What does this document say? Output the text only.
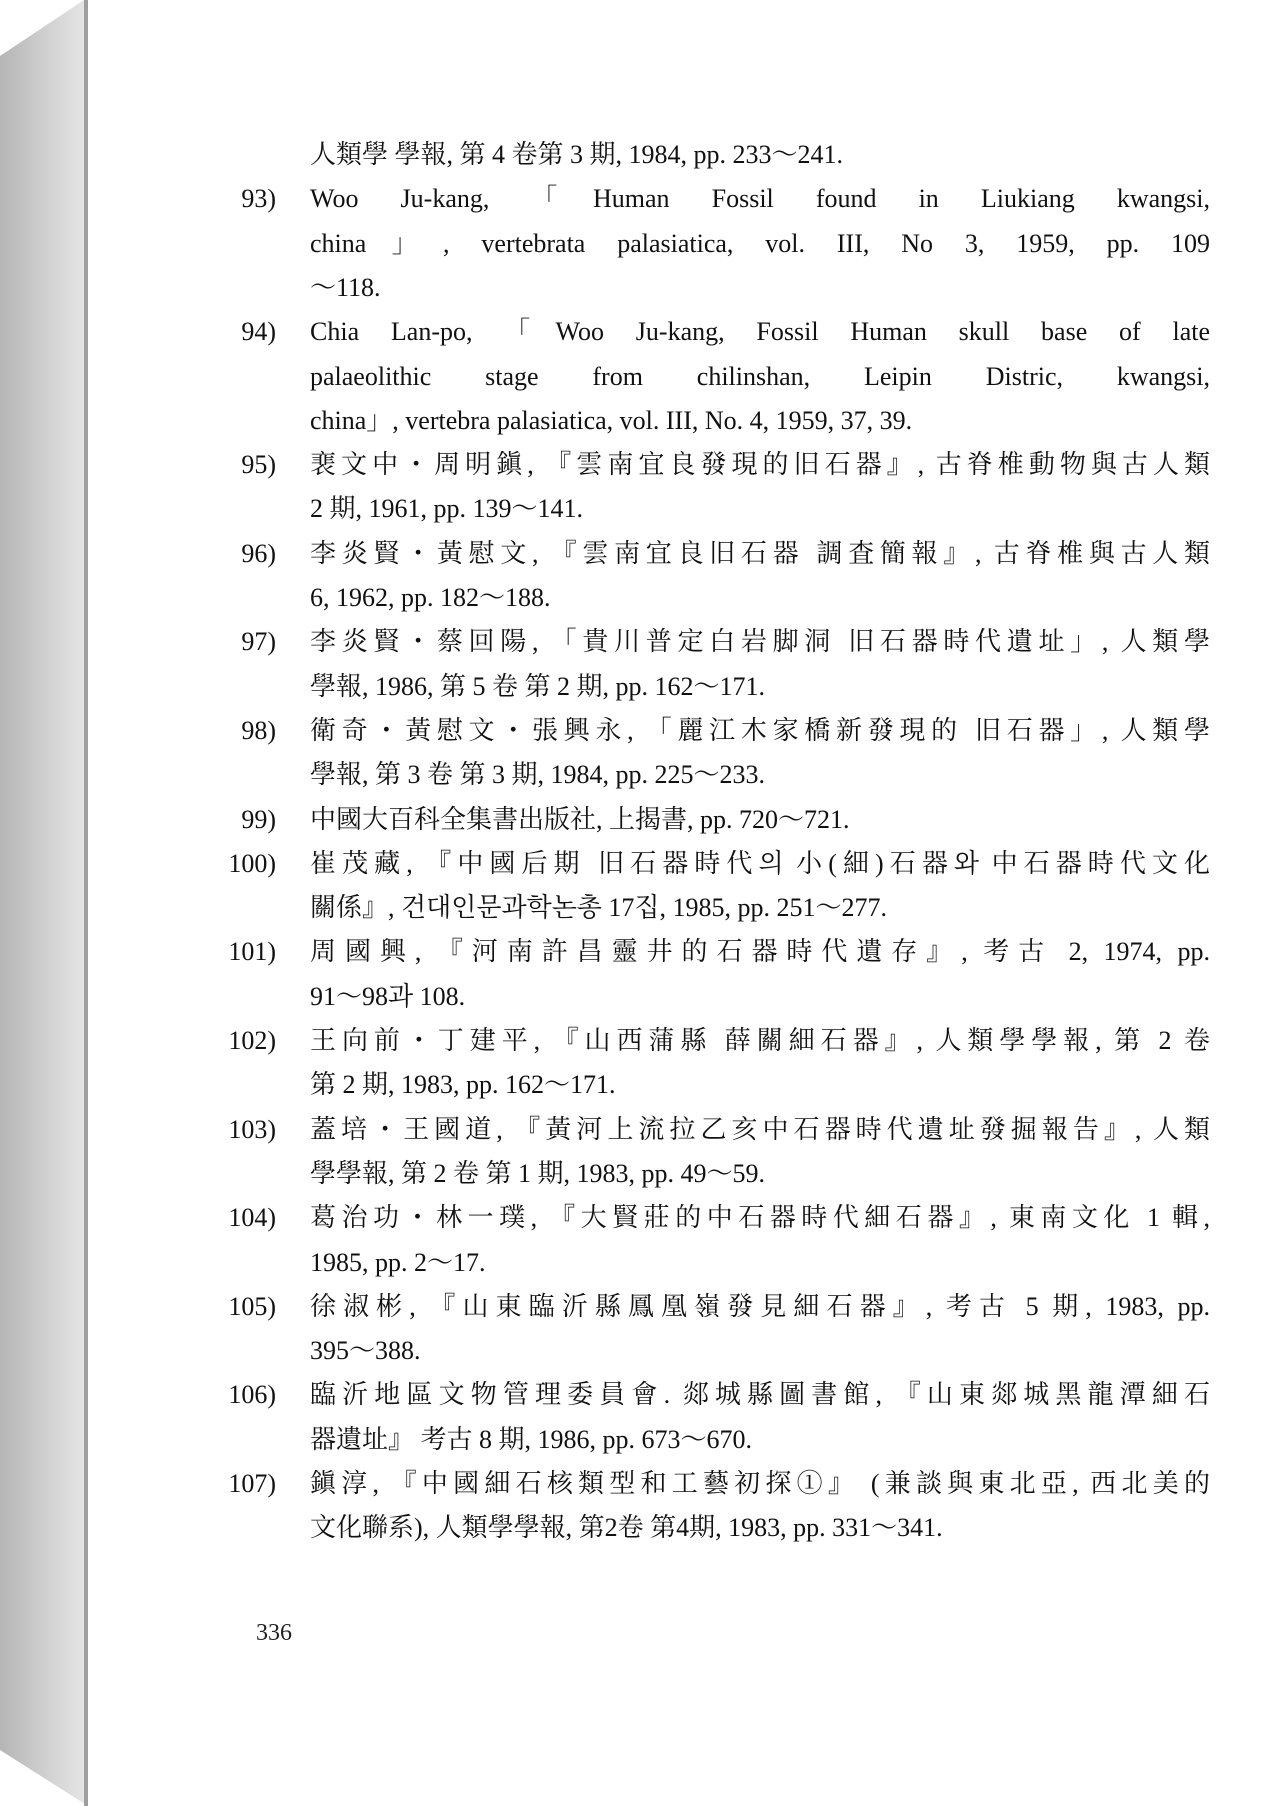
人類學 學報, 第 4 卷第 3 期, 1984, pp. 233～241.
93) Woo Ju-kang, 「Human Fossil found in Liukiang kwangsi,
china」, vertebrata palasiatica, vol. III, No 3, 1959, pp. 109
～118.
94) Chia Lan-po, 「Woo Ju-kang, Fossil Human skull base of late
palaeolithic stage from chilinshan, Leipin Distric, kwangsi,
china」, vertebra palasiatica, vol. III, No. 4, 1959, 37, 39.
95) 裵文中・周明鎭, 『雲南宜良發現的旧石器』, 古脊椎動物與古人類
2 期, 1961, pp. 139～141.
96) 李炎賢・黃慰文, 『雲南宜良旧石器 調査簡報』, 古脊椎與古人類
6, 1962, pp. 182～188.
97) 李炎賢・蔡回陽, 「貴川普定白岩脚洞 旧石器時代遺址」, 人類學
學報, 1986, 第 5 卷 第 2 期, pp. 162～171.
98) 衛奇・黃慰文・張興永, 「麗江木家橋新發現的 旧石器」, 人類學
學報, 第 3 卷 第 3 期, 1984, pp. 225～233.
99) 中國大百科全集書出版社, 上揭書, pp. 720～721.
100) 崔茂藏, 『中國后期 旧石器時代의 小(細)石器와 中石器時代文化
關係』, 건대인문과학논총 17집, 1985, pp. 251～277.
101) 周國興, 『河南許昌靈井的石器時代遺存』, 考古 2, 1974, pp.
91～98과 108.
102) 王向前・丁建平, 『山西蒲縣 薛關細石器』, 人類學學報, 第 2 卷
第 2 期, 1983, pp. 162～171.
103) 蓋培・王國道, 『黃河上流拉乙亥中石器時代遺址發掘報告』, 人類
學學報, 第 2 卷 第 1 期, 1983, pp. 49～59.
104) 葛治功・林一璞, 『大賢莊的中石器時代細石器』, 東南文化 1 輯,
1985, pp. 2～17.
105) 徐淑彬, 『山東臨沂縣鳳凰嶺發見細石器』, 考古 5 期, 1983, pp.
395～388.
106) 臨沂地區文物管理委員會. 郯城縣圖書館, 『山東郯城黑龍潭細石
器遺址』 考古 8 期, 1986, pp. 673～670.
107) 鎭淳, 『中國細石核類型和工藝初探①』 (兼談與東北亞, 西北美的
文化聯系), 人類學學報, 第2卷 第4期, 1983, pp. 331～341.
336
